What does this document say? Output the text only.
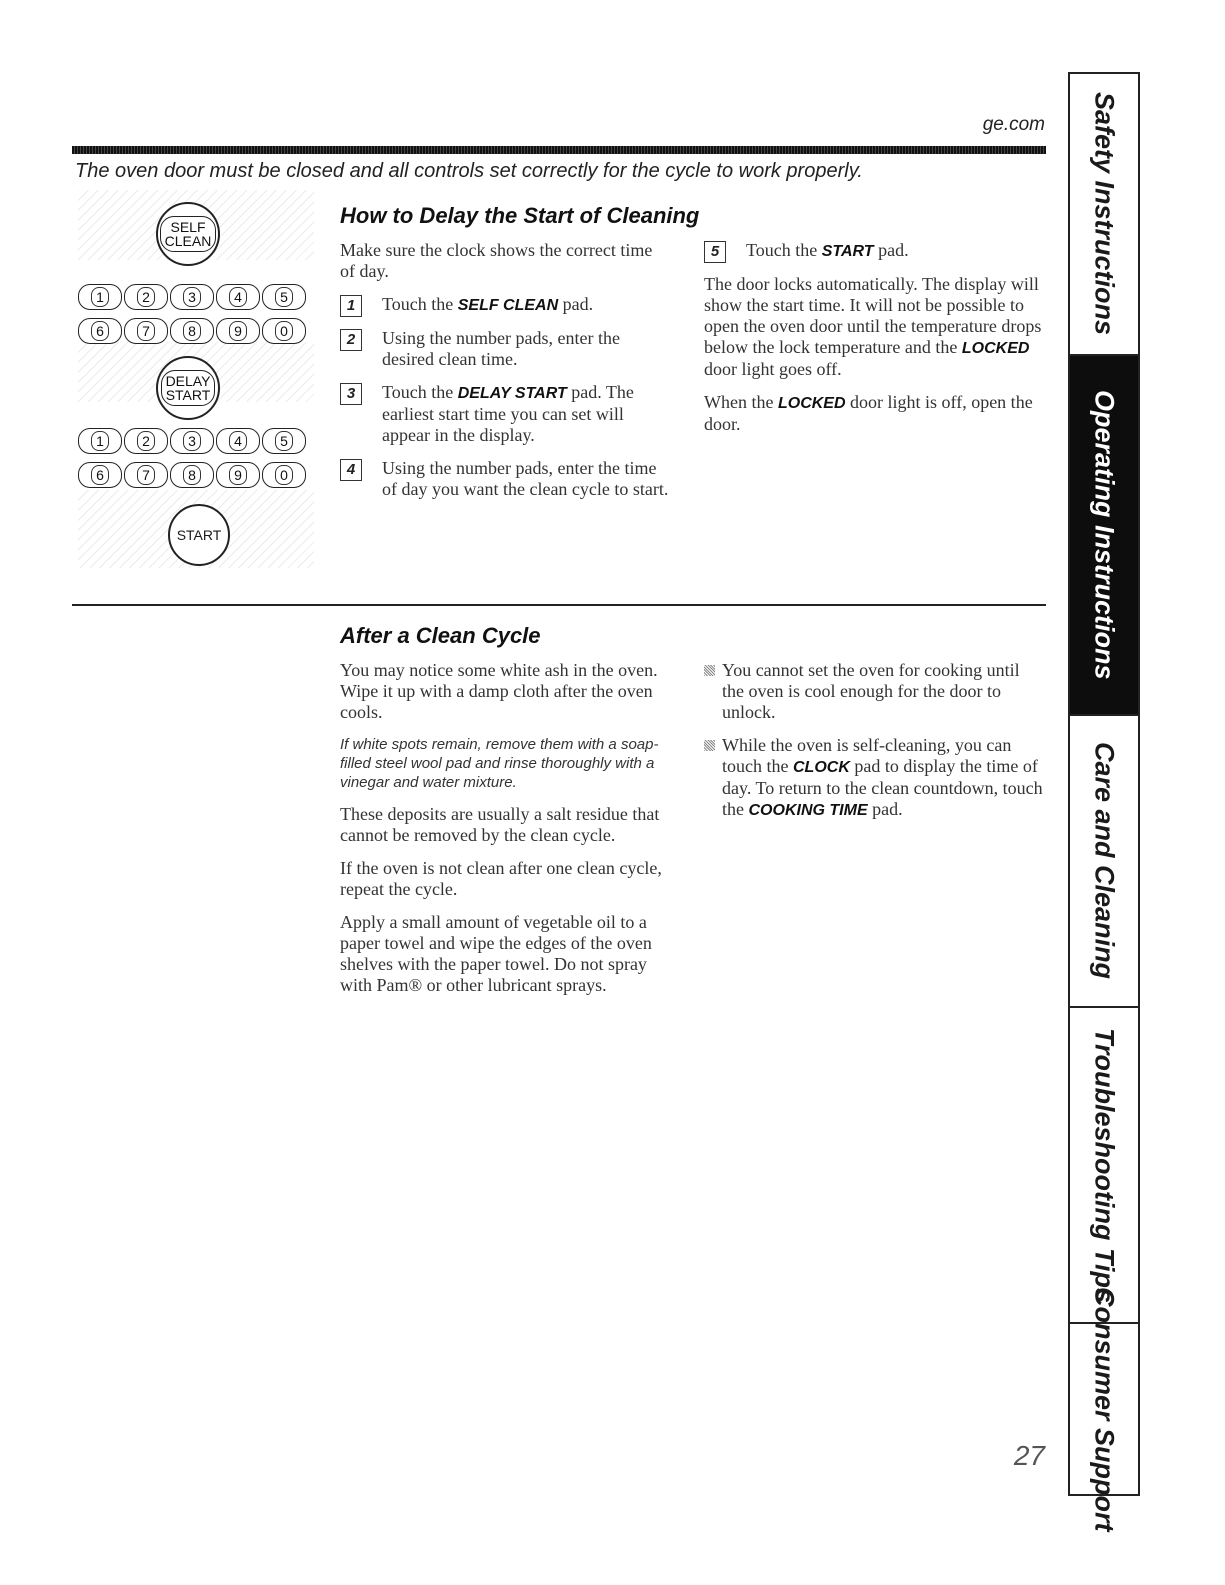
ge.com
The oven door must be closed and all controls set correctly for the cycle to work properly.
SELF
CLEAN
1	2	3	4	5
6	7	8	9	0
DELAY
START
1	2	3	4	5
6	7	8	9	0
START
How to Delay the Start of Cleaning

Make sure the clock shows the correct time of day.

1	Touch the SELF CLEAN pad.
2	Using the number pads, enter the desired clean time.
3	Touch the DELAY START pad. The earliest start time you can set will appear in the display.
4	Using the number pads, enter the time of day you want the clean cycle to start.
5	Touch the START pad.

The door locks automatically. The display will show the start time. It will not be possible to open the oven door until the temperature drops below the lock temperature and the LOCKED door light goes off.

When the LOCKED door light is off, open the door.

After a Clean Cycle

You may notice some white ash in the oven. Wipe it up with a damp cloth after the oven cools.

If white spots remain, remove them with a soap-filled steel wool pad and rinse thoroughly with a vinegar and water mixture.

These deposits are usually a salt residue that cannot be removed by the clean cycle.

If the oven is not clean after one clean cycle, repeat the cycle.

Apply a small amount of vegetable oil to a paper towel and wipe the edges of the oven shelves with the paper towel. Do not spray with Pam® or other lubricant sprays.

You cannot set the oven for cooking until the oven is cool enough for the door to unlock.
While the oven is self-cleaning, you can touch the CLOCK pad to display the time of day. To return to the clean countdown, touch the COOKING TIME pad.
Safety Instructions
Operating Instructions
Care and Cleaning
Troubleshooting Tips
Consumer Support
27
